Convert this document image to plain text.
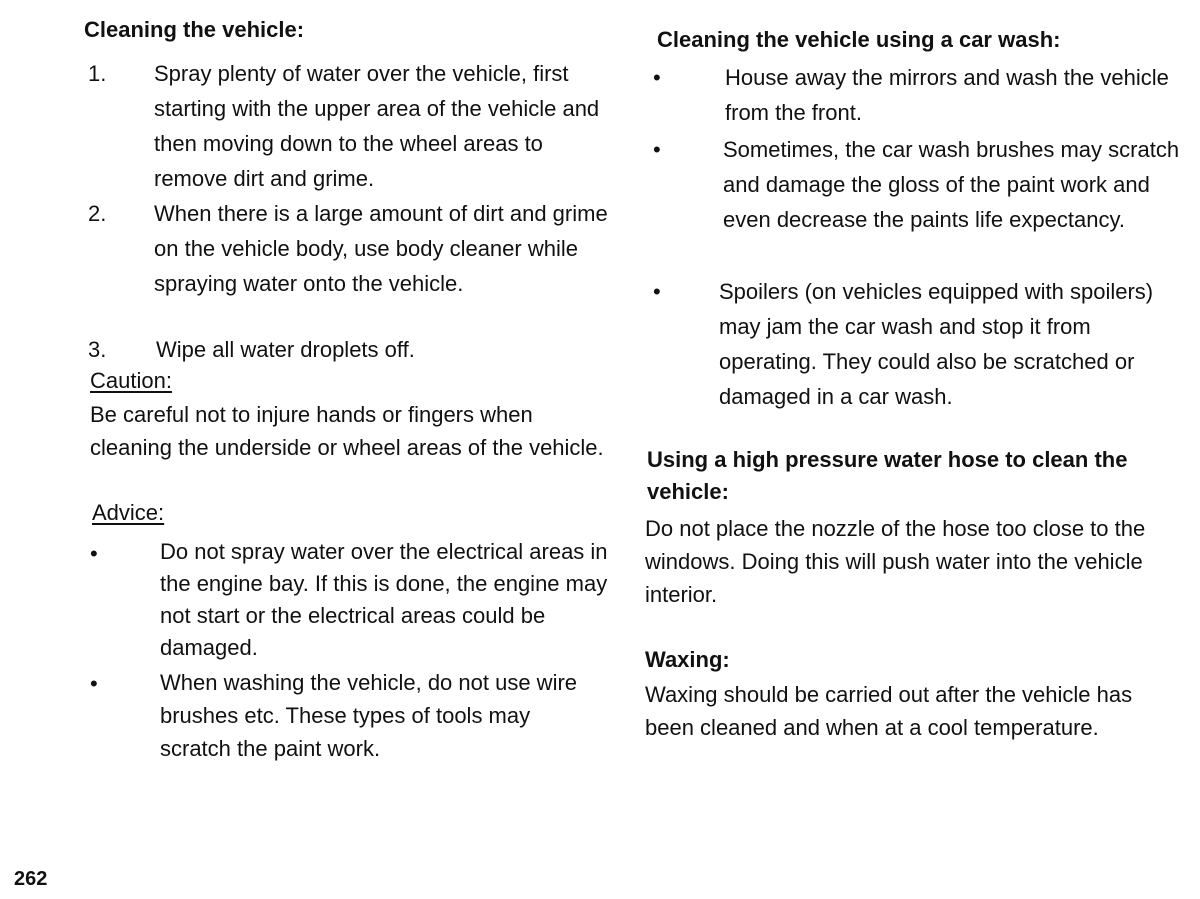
Cleaning the vehicle:
1. Spray plenty of water over the vehicle, first starting with the upper area of the vehicle and then moving down to the wheel areas to remove dirt and grime.
2. When there is a large amount of dirt and grime on the vehicle body, use body cleaner while spraying water onto the vehicle.
3. Wipe all water droplets off.
Caution:

Be careful not to injure hands or fingers when cleaning the underside or wheel areas of the vehicle.

Advice:
•	Do not spray water over the electrical areas in the engine bay. If this is done, the engine may not start or the electrical areas could be damaged.
•	When washing the vehicle, do not use wire brushes etc. These types of tools may scratch the paint work.
Cleaning the vehicle using a car wash:
•	House away the mirrors and wash the vehicle from the front.
•	Sometimes, the car wash brushes may scratch and damage the gloss of the paint work and even decrease the paints life expectancy.
•	Spoilers (on vehicles equipped with spoilers) may jam the car wash and stop it from operating. They could also be scratched or damaged in a car wash.
Using a high pressure water hose to clean the vehicle:

Do not place the nozzle of the hose too close to the windows. Doing this will push water into the vehicle interior.

Waxing:

Waxing should be carried out after the vehicle has been cleaned and when at a cool temperature.

262
